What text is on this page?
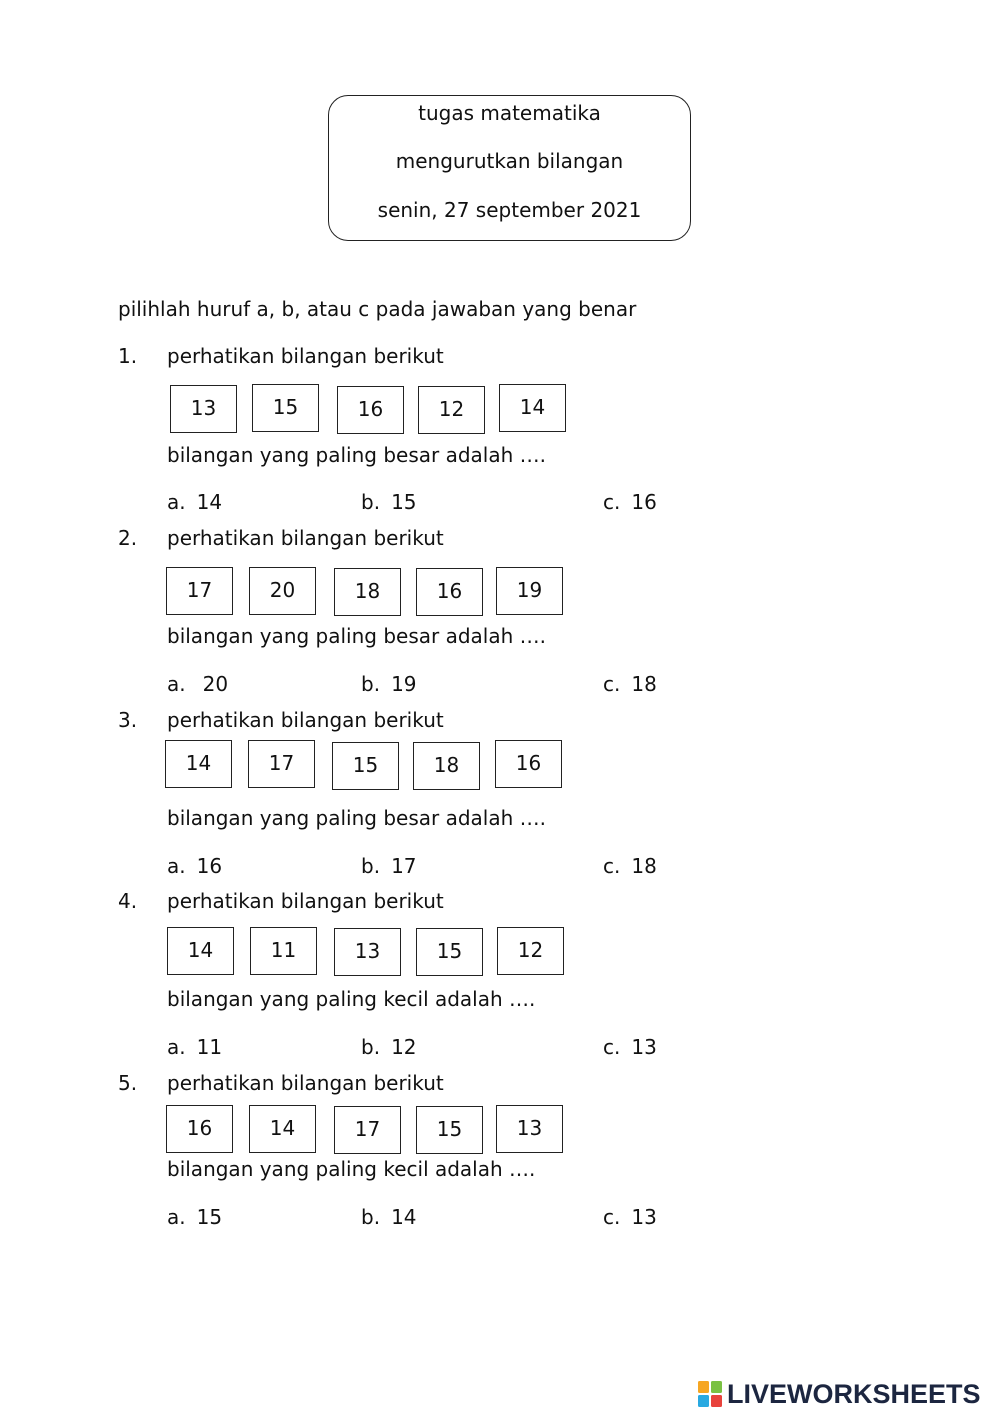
tugas matematika
mengurutkan bilangan
senin, 27 september 2021
pilihlah huruf a, b, atau c pada jawaban yang benar
1. perhatikan bilangan berikut
13	15	16	12	14
bilangan yang paling besar adalah ….
a. 14	b. 15	c. 16
2. perhatikan bilangan berikut
17	20	18	16	19
bilangan yang paling besar adalah ….
a. 20	b. 19	c. 18
3. perhatikan bilangan berikut
14	17	15	18	16
bilangan yang paling besar adalah ….
a. 16	b. 17	c. 18
4. perhatikan bilangan berikut
14	11	13	15	12
bilangan yang paling kecil adalah ….
a. 11	b. 12	c. 13
5. perhatikan bilangan berikut
16	14	17	15	13
bilangan yang paling kecil adalah ….
a. 15	b. 14	c. 13
LIVEWORKSHEETS
